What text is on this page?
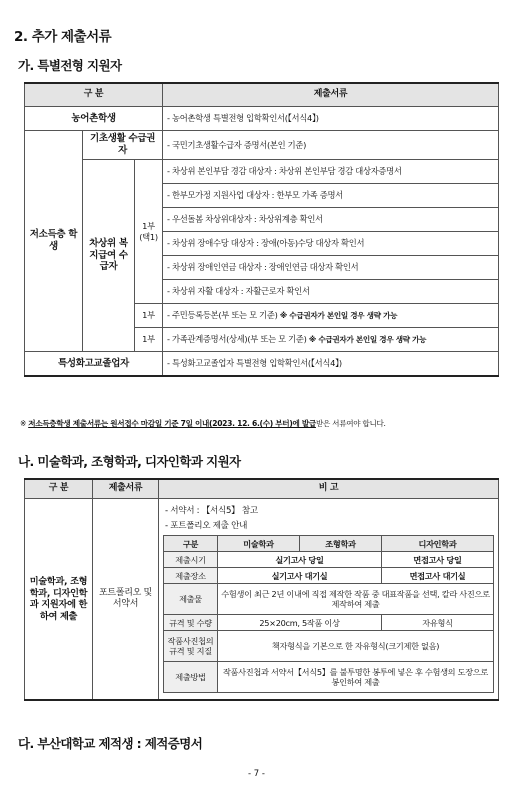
2. 추가 제출서류
가. 특별전형 지원자
구 분			제출서류
농어촌학생			- 농어촌학생 특별전형 입학확인서(【서식4】)
저소득층 학생	기초생활 수급권자		- 국민기초생활수급자 증명서(본인 기준)
	차상위 복지급여 수급자	1부 (택1)	- 차상위 본인부담 경감 대상자 : 차상위 본인부담 경감 대상자증명서
			- 한부모가정 지원사업 대상자 : 한부모 가족 증명서
			- 우선돌봄 차상위대상자 : 차상위계층 확인서
			- 차상위 장애수당 대상자 : 장애(아동)수당 대상자 확인서
			- 차상위 장애인연금 대상자 : 장애인연금 대상자 확인서
			- 차상위 자활 대상자 : 자활근로자 확인서
		1부	- 주민등록등본(부 또는 모 기준) ※ 수급권자가 본인일 경우 생략 가능
		1부	- 가족관계증명서(상세)(부 또는 모 기준) ※ 수급권자가 본인일 경우 생략 가능
특성화고교졸업자			- 특성화고교졸업자 특별전형 입학확인서(【서식4】)
※ 저소득층학생 제출서류는 원서접수 마감일 기준 7일 이내(2023. 12. 6.(수) 부터)에 발급받은 서류여야 합니다.
나. 미술학과, 조형학과, 디자인학과 지원자
구 분	제출서류	비 고
미술학과, 조형학과, 디자인학과 지원자에 한하여 제출	포트폴리오 및 서약서	
- 서약서 : 【서식5】 참고
- 포트폴리오 제출 안내
구분	미술학과	조형학과	디자인학과
제출시기	실기고사 당일	면접고사 당일
제출장소	실기고사 대기실	면접고사 대기실
제출물	수험생이 최근 2년 이내에 직접 제작한 작품 중 대표작품을 선택, 칼라 사진으로 제작하여 제출
규격 및 수량	25×20cm, 5작품 이상	자유형식
작품사진첩의 규격 및 지질	책자형식을 기본으로 한 자유형식(크기제한 없음)
제출방법	작품사진첩과 서약서【서식5】를 불투명한 봉투에 넣은 후 수험생의 도장으로 봉인하여 제출
다. 부산대학교 제적생 : 제적증명서
- 7 -
